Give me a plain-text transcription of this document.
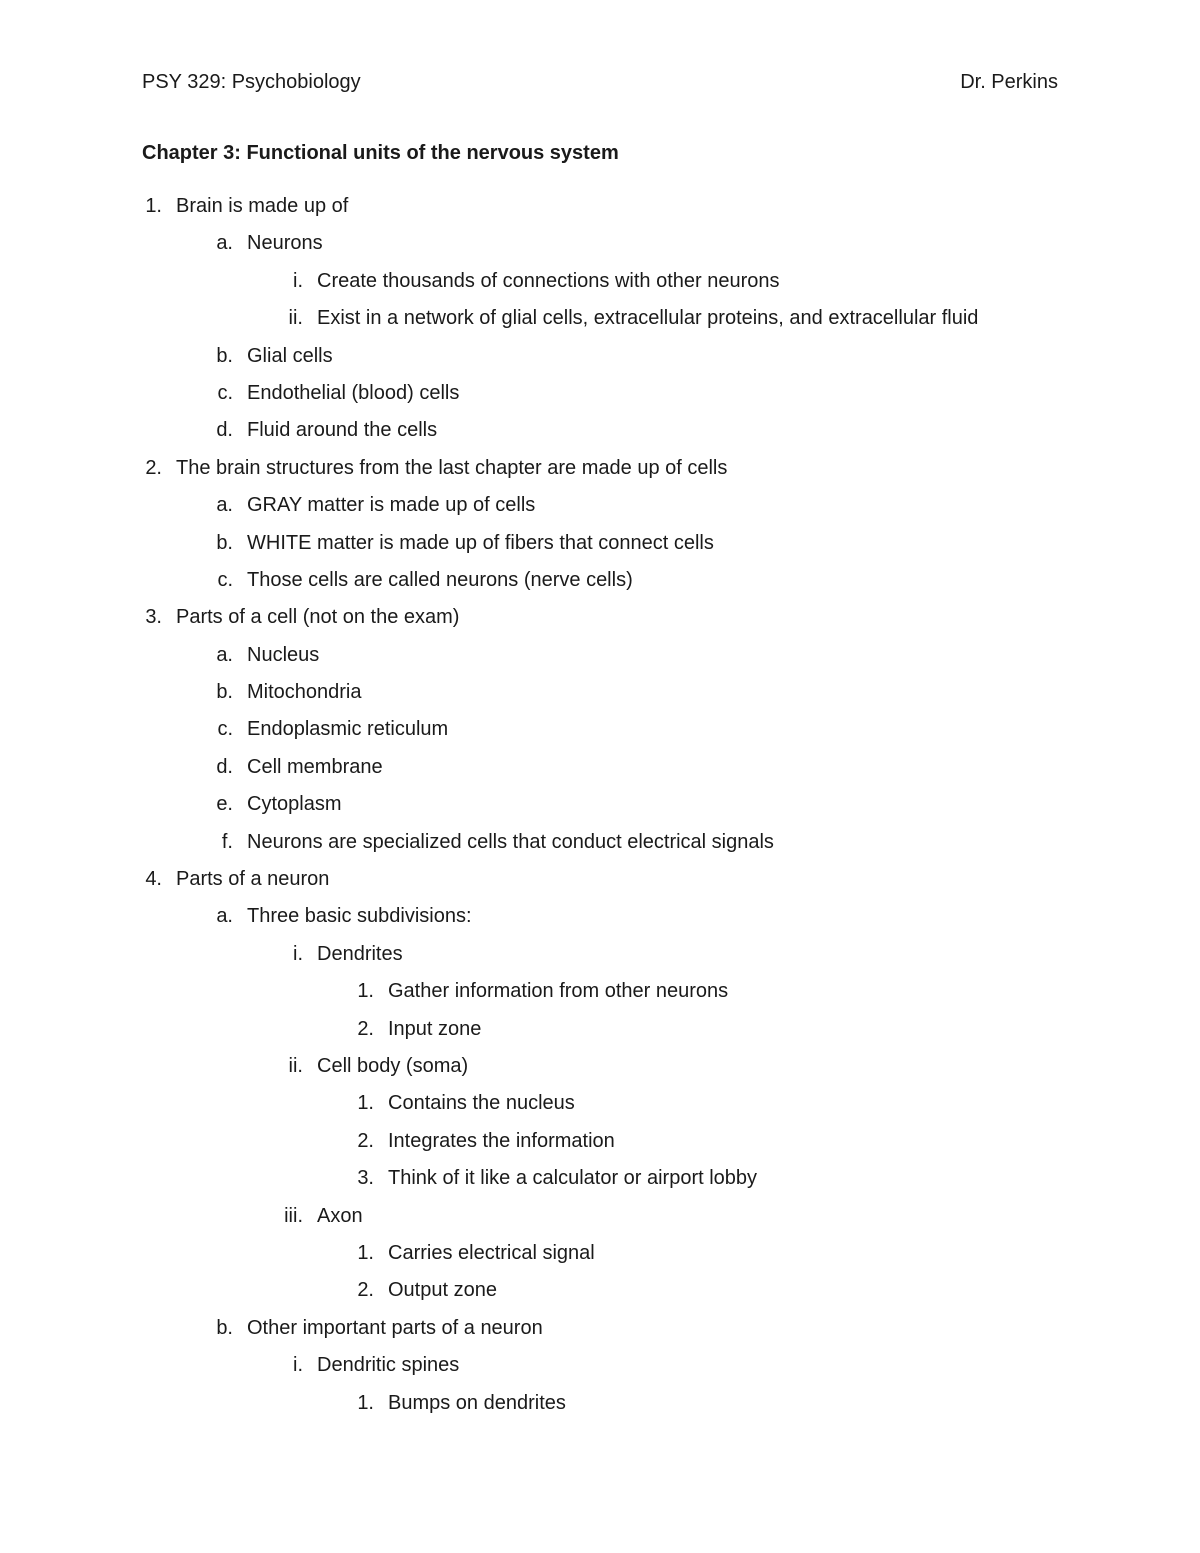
PSY 329: Psychobiology	Dr. Perkins
Chapter 3: Functional units of the nervous system
1. Brain is made up of
a. Neurons
i. Create thousands of connections with other neurons
ii. Exist in a network of glial cells, extracellular proteins, and extracellular fluid
b. Glial cells
c. Endothelial (blood) cells
d. Fluid around the cells
2. The brain structures from the last chapter are made up of cells
a. GRAY matter is made up of cells
b. WHITE matter is made up of fibers that connect cells
c. Those cells are called neurons (nerve cells)
3. Parts of a cell (not on the exam)
a. Nucleus
b. Mitochondria
c. Endoplasmic reticulum
d. Cell membrane
e. Cytoplasm
f. Neurons are specialized cells that conduct electrical signals
4. Parts of a neuron
a. Three basic subdivisions:
i. Dendrites
1. Gather information from other neurons
2. Input zone
ii. Cell body (soma)
1. Contains the nucleus
2. Integrates the information
3. Think of it like a calculator or airport lobby
iii. Axon
1. Carries electrical signal
2. Output zone
b. Other important parts of a neuron
i. Dendritic spines
1. Bumps on dendrites
